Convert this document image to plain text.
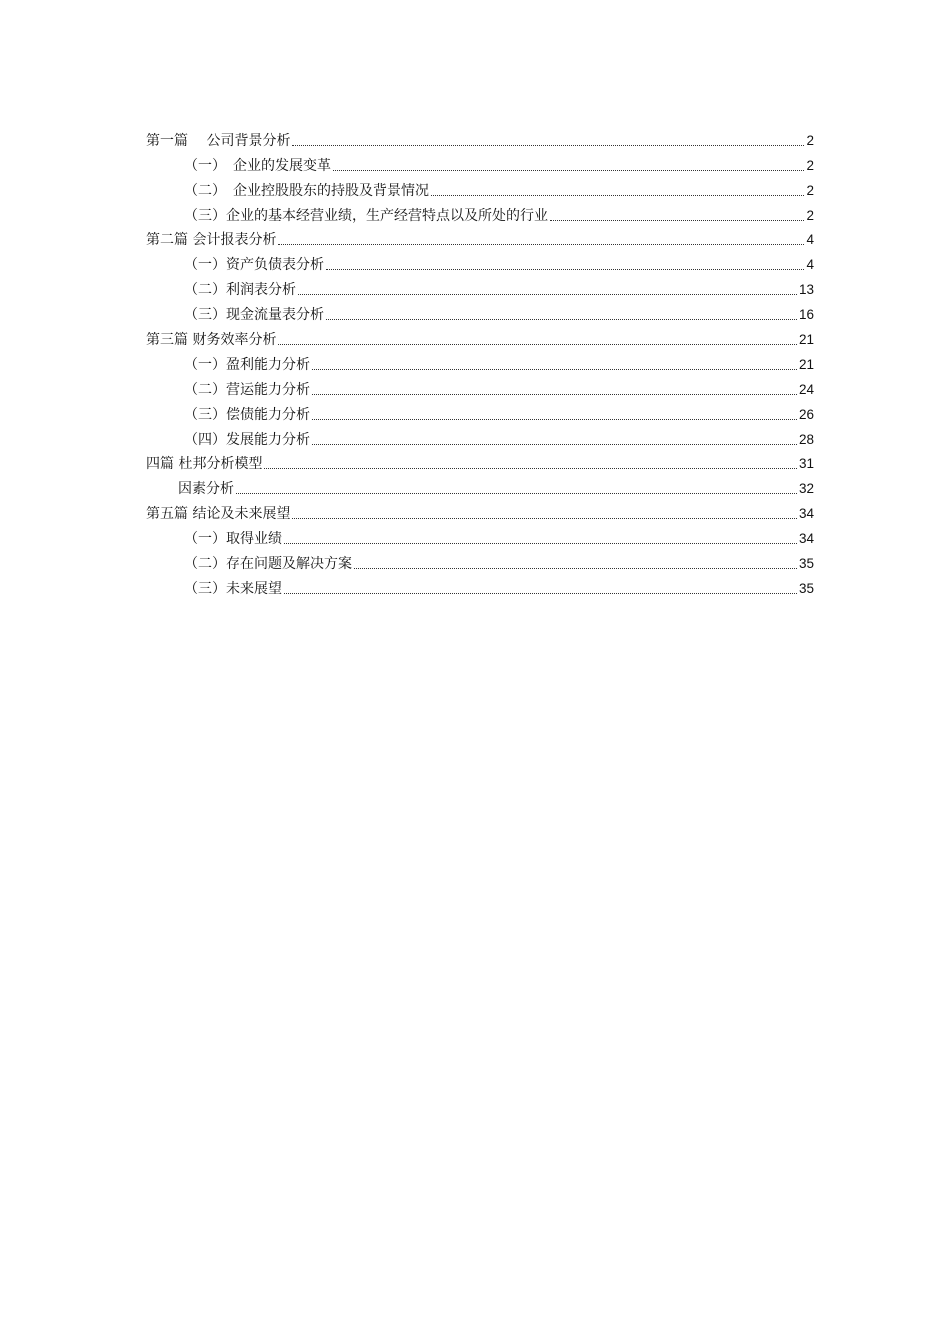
第一篇　 公司背景分析	2
（一）　企业的发展变革	2
（二）　企业控股股东的持股及背景情况	2
（三）企业的基本经营业绩，生产经营特点以及所处的行业	2
第二篇 会计报表分析	4
（一）资产负债表分析	4
（二）利润表分析	13
（三）现金流量表分析	16
第三篇 财务效率分析	21
（一）盈利能力分析	21
（二）营运能力分析	24
（三）偿债能力分析	26
（四）发展能力分析	28
四篇 杜邦分析模型	31
因素分析	32
第五篇 结论及未来展望	34
（一）取得业绩	34
（二）存在问题及解决方案	35
（三）未来展望	35
